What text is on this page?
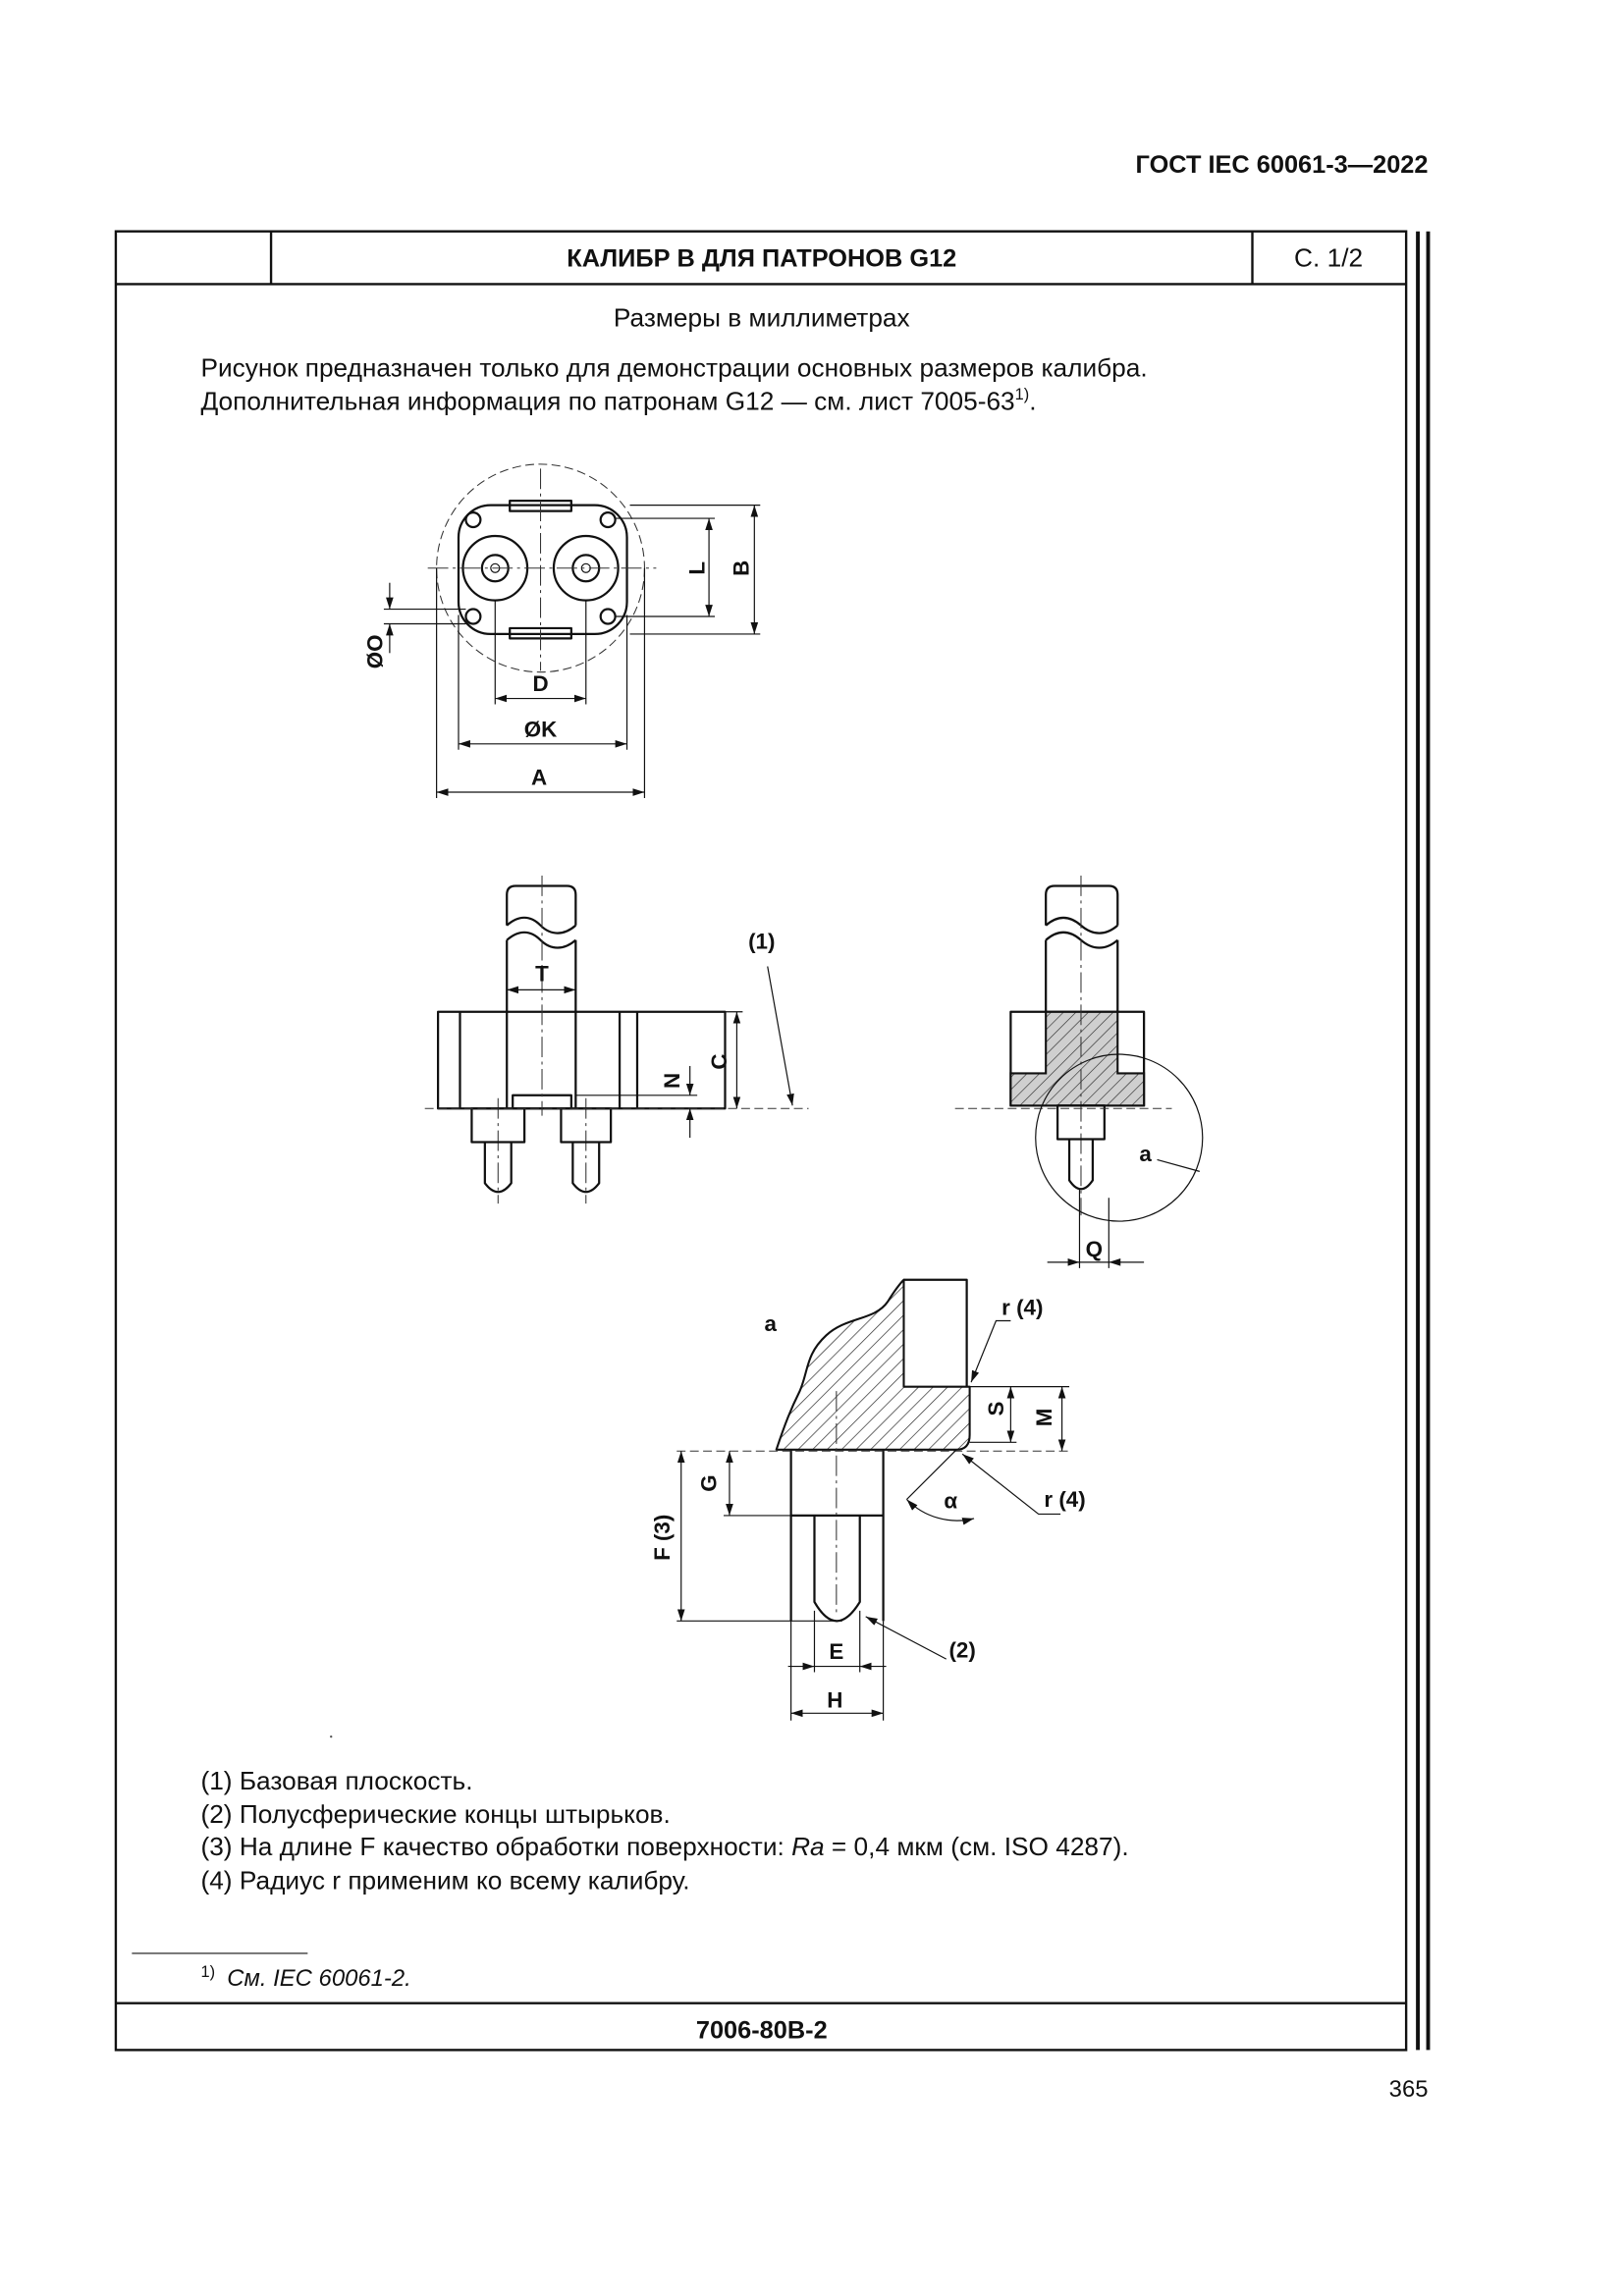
ГОСТ IEC 60061-3—2022
КАЛИБР В ДЛЯ ПАТРОНОВ G12	С. 1/2
Размеры в миллиметрах
Рисунок предназначен только для демонстрации основных размеров калибра.
Дополнительная информация по патронам G12 — см. лист 7005-63$^{1)}$.
D
ØK
A
L B
ØO
T
N
C
(1)
a
Q
a
r (4)
S M
G
F (3)
α	r (4)
(2)
E
H
(1) Базовая плоскость.
(2) Полусферические концы штырьков.
(3) На длине F качество обработки поверхности: Ra = 0,4 мкм (см. ISO 4287).
(4) Радиус r применим ко всему калибру.
$^{1)}$ См. IEC 60061-2.
7006-80B-2
365
